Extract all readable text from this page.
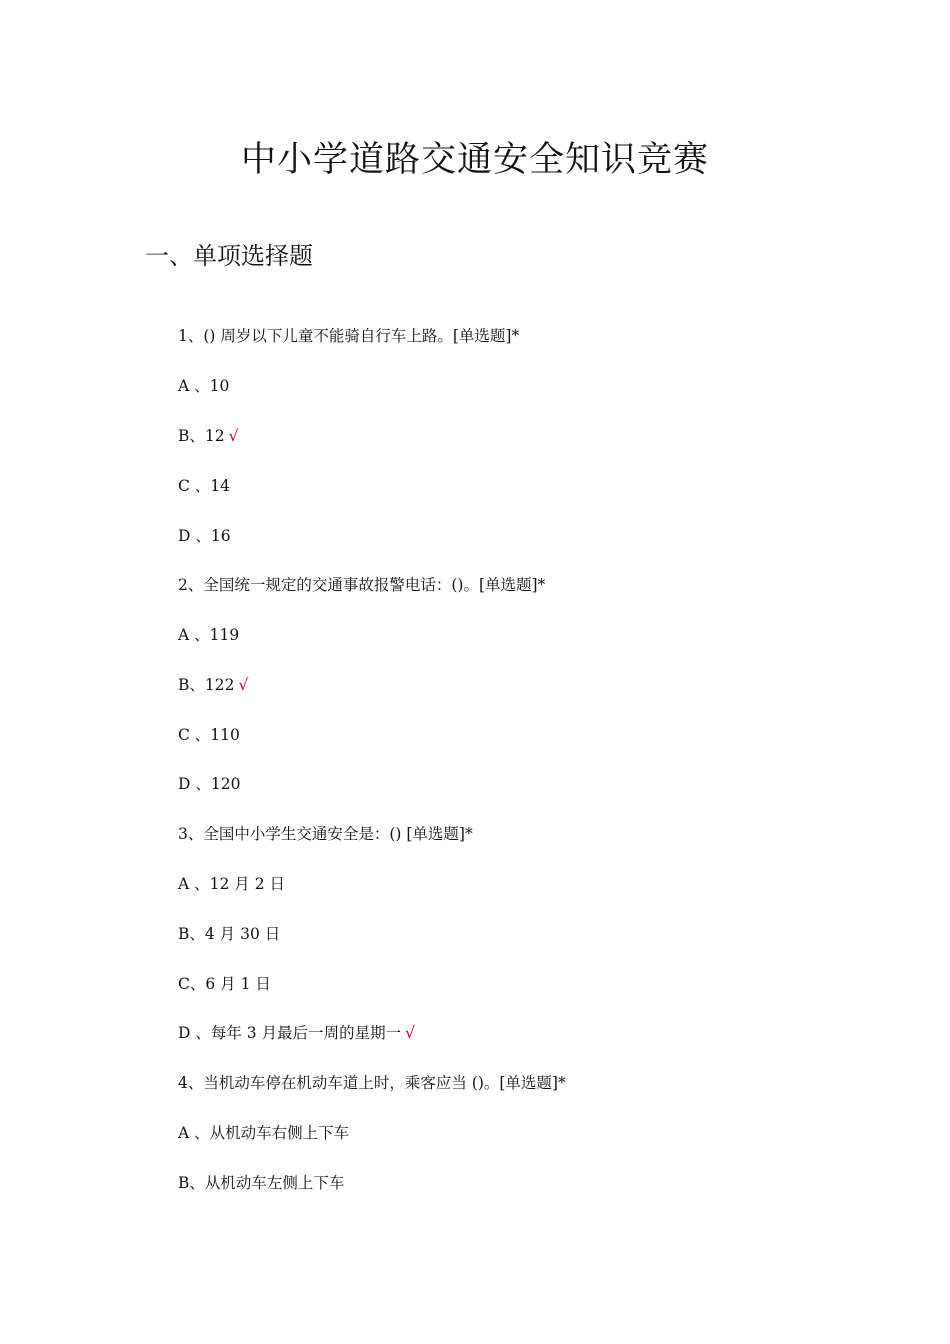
中小学道路交通安全知识竞赛
一、单项选择题
1、() 周岁以下儿童不能骑自行车上路。[单选题]*
A 、10
B、12 √
C 、14
D 、16
2、全国统一规定的交通事故报警电话：()。[单选题]*
A 、119
B、122 √
C 、110
D 、120
3、全国中小学生交通安全是：() [单选题]*
A 、12 月 2 日
B、4 月 30 日
C、6 月 1 日
D 、每年 3 月最后一周的星期一 √
4、当机动车停在机动车道上时，乘客应当 ()。[单选题]*
A 、从机动车右侧上下车
B、从机动车左侧上下车
